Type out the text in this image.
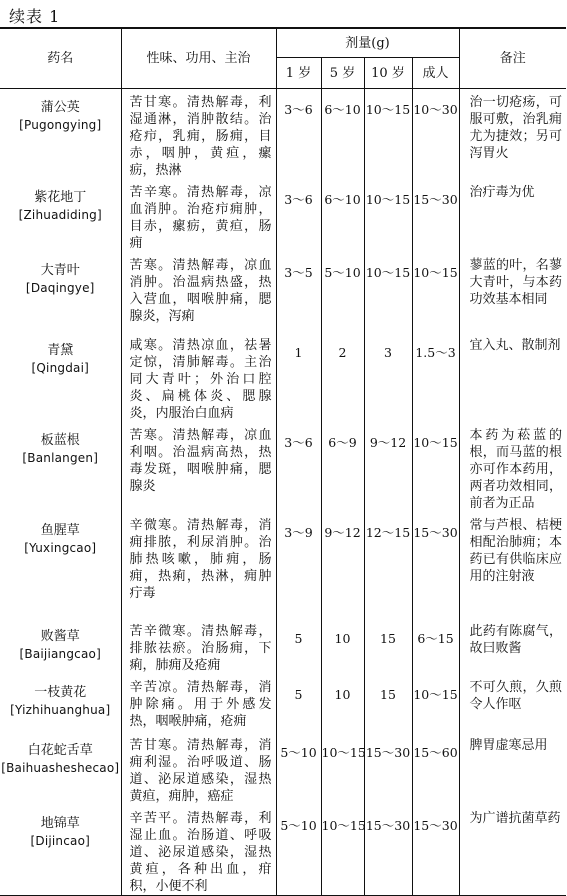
续表 1
药名	性味、功用、主治	剂量(g)				备注
		1 岁	5 岁	10 岁	成人	
蒲公英
[ Pugongying ]	苦甘寒。清热解毒，利湿通淋，消肿散结。治疮疖，乳痈，肠痈，目赤，咽肿，黄疸，瘰疬，热淋	3～6	6～10	10～15	10～30	治一切疮疡，可服可敷，治乳痈尤为捷效；另可泻胃火
紫花地丁
[ Zihuadiding ]	苦辛寒。清热解毒，凉血消肿。治疮疖痈肿，目赤，瘰疬，黄疸，肠痈	3～6	6～10	10～15	15～30	治疔毒为优
大青叶
[ Daqingye ]	苦寒。清热解毒，凉血消肿。治温病热盛，热入营血，咽喉肿痛，腮腺炎，泻痢	3～5	5～10	10～15	10～15	蓼蓝的叶，名蓼大青叶，与本药功效基本相同
青黛
[ Qingdai ]	咸寒。清热凉血，祛暑定惊，清肺解毒。主治同大青叶；外治口腔炎、扁桃体炎、腮腺炎，内服治白血病	1	2	3	1.5～3	宜入丸、散制剂
板蓝根
[ Banlangen ]	苦寒。清热解毒，凉血利咽。治温病高热，热毒发斑，咽喉肿痛，腮腺炎	3～6	6～9	9～12	10～15	本药为菘蓝的根，而马蓝的根亦可作本药用，两者功效相同，前者为正品
鱼腥草
[ Yuxingcao ]	辛微寒。清热解毒，消痈排脓，利尿消肿。治肺热咳嗽，肺痈，肠痈，热痢，热淋，痈肿疔毒	3～9	9～12	12～15	15～30	常与芦根、桔梗相配治肺痈；本药已有供临床应用的注射液
败酱草
[ Baijiangcao ]	苦辛微寒。清热解毒，排脓祛瘀。治肠痈，下痢，肺痈及疮痈	5	10	15	6～15	此药有陈腐气，故曰败酱
一枝黄花
[ Yizhihuanghua ]	辛苦凉。清热解毒，消肿除痛。用于外感发热，咽喉肿痛，疮痈	5	10	15	10～15	不可久煎，久煎令人作呕
白花蛇舌草
[ Baihuasheshecao ]	苦甘寒。清热解毒，消痈利湿。治呼吸道、肠道、泌尿道感染，湿热黄疸，痈肿，癌症	5～10	10～15	15～30	15～60	脾胃虚寒忌用
地锦草
[ Dijincao ]	辛苦平。清热解毒，利湿止血。治肠道、呼吸道、泌尿道感染，湿热黄疸，各种出血，疳积，小便不利	5～10	10～15	15～30	15～30	为广谱抗菌草药
